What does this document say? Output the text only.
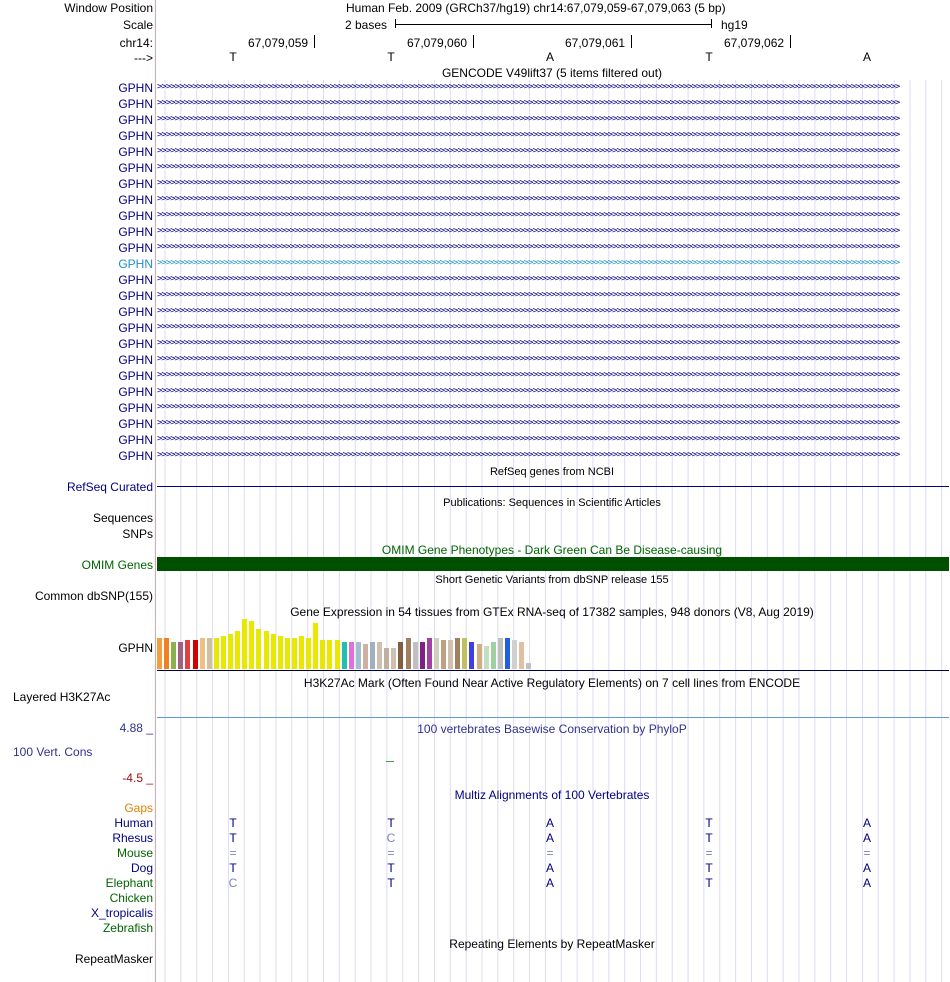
Window Position	Human Feb. 2009 (GRCh37/hg19) chr14:67,079,059-67,079,063 (5 bp)
Scale	2 bases	hg19
chr14:	67,079,059	67,079,060	67,079,061	67,079,062
--->	T	T	A	T	A
GENCODE V49lift37 (5 items filtered out)
GPHN >>>>>>>>>>>>>>>>>>>>>>>>>>>>>>>>>>>>>>>>>>>>>>>>>>>>>>>>>>>>>>>>>>>>>>>>>>>>>>>>>>>>>>>>>>>>>>>>>>>>>>>>>>>>>>>>>>>>>>>>>>>>>>>>>>>>>>>>>>>>>>>>>>>>>>>>>>>>>>>>>>>>>>>>
GPHN >>>>>>>>>>>>>>>>>>>>>>>>>>>>>>>>>>>>>>>>>>>>>>>>>>>>>>>>>>>>>>>>>>>>>>>>>>>>>>>>>>>>>>>>>>>>>>>>>>>>>>>>>>>>>>>>>>>>>>>>>>>>>>>>>>>>>>>>>>>>>>>>>>>>>>>>>>>>>>>>>>>>>>>>
GPHN >>>>>>>>>>>>>>>>>>>>>>>>>>>>>>>>>>>>>>>>>>>>>>>>>>>>>>>>>>>>>>>>>>>>>>>>>>>>>>>>>>>>>>>>>>>>>>>>>>>>>>>>>>>>>>>>>>>>>>>>>>>>>>>>>>>>>>>>>>>>>>>>>>>>>>>>>>>>>>>>>>>>>>>>
GPHN >>>>>>>>>>>>>>>>>>>>>>>>>>>>>>>>>>>>>>>>>>>>>>>>>>>>>>>>>>>>>>>>>>>>>>>>>>>>>>>>>>>>>>>>>>>>>>>>>>>>>>>>>>>>>>>>>>>>>>>>>>>>>>>>>>>>>>>>>>>>>>>>>>>>>>>>>>>>>>>>>>>>>>>>
GPHN >>>>>>>>>>>>>>>>>>>>>>>>>>>>>>>>>>>>>>>>>>>>>>>>>>>>>>>>>>>>>>>>>>>>>>>>>>>>>>>>>>>>>>>>>>>>>>>>>>>>>>>>>>>>>>>>>>>>>>>>>>>>>>>>>>>>>>>>>>>>>>>>>>>>>>>>>>>>>>>>>>>>>>>>
GPHN >>>>>>>>>>>>>>>>>>>>>>>>>>>>>>>>>>>>>>>>>>>>>>>>>>>>>>>>>>>>>>>>>>>>>>>>>>>>>>>>>>>>>>>>>>>>>>>>>>>>>>>>>>>>>>>>>>>>>>>>>>>>>>>>>>>>>>>>>>>>>>>>>>>>>>>>>>>>>>>>>>>>>>>>
GPHN >>>>>>>>>>>>>>>>>>>>>>>>>>>>>>>>>>>>>>>>>>>>>>>>>>>>>>>>>>>>>>>>>>>>>>>>>>>>>>>>>>>>>>>>>>>>>>>>>>>>>>>>>>>>>>>>>>>>>>>>>>>>>>>>>>>>>>>>>>>>>>>>>>>>>>>>>>>>>>>>>>>>>>>>
GPHN >>>>>>>>>>>>>>>>>>>>>>>>>>>>>>>>>>>>>>>>>>>>>>>>>>>>>>>>>>>>>>>>>>>>>>>>>>>>>>>>>>>>>>>>>>>>>>>>>>>>>>>>>>>>>>>>>>>>>>>>>>>>>>>>>>>>>>>>>>>>>>>>>>>>>>>>>>>>>>>>>>>>>>>>
GPHN >>>>>>>>>>>>>>>>>>>>>>>>>>>>>>>>>>>>>>>>>>>>>>>>>>>>>>>>>>>>>>>>>>>>>>>>>>>>>>>>>>>>>>>>>>>>>>>>>>>>>>>>>>>>>>>>>>>>>>>>>>>>>>>>>>>>>>>>>>>>>>>>>>>>>>>>>>>>>>>>>>>>>>>>
GPHN >>>>>>>>>>>>>>>>>>>>>>>>>>>>>>>>>>>>>>>>>>>>>>>>>>>>>>>>>>>>>>>>>>>>>>>>>>>>>>>>>>>>>>>>>>>>>>>>>>>>>>>>>>>>>>>>>>>>>>>>>>>>>>>>>>>>>>>>>>>>>>>>>>>>>>>>>>>>>>>>>>>>>>>>
GPHN >>>>>>>>>>>>>>>>>>>>>>>>>>>>>>>>>>>>>>>>>>>>>>>>>>>>>>>>>>>>>>>>>>>>>>>>>>>>>>>>>>>>>>>>>>>>>>>>>>>>>>>>>>>>>>>>>>>>>>>>>>>>>>>>>>>>>>>>>>>>>>>>>>>>>>>>>>>>>>>>>>>>>>>>
GPHN >>>>>>>>>>>>>>>>>>>>>>>>>>>>>>>>>>>>>>>>>>>>>>>>>>>>>>>>>>>>>>>>>>>>>>>>>>>>>>>>>>>>>>>>>>>>>>>>>>>>>>>>>>>>>>>>>>>>>>>>>>>>>>>>>>>>>>>>>>>>>>>>>>>>>>>>>>>>>>>>>>>>>>>>
GPHN >>>>>>>>>>>>>>>>>>>>>>>>>>>>>>>>>>>>>>>>>>>>>>>>>>>>>>>>>>>>>>>>>>>>>>>>>>>>>>>>>>>>>>>>>>>>>>>>>>>>>>>>>>>>>>>>>>>>>>>>>>>>>>>>>>>>>>>>>>>>>>>>>>>>>>>>>>>>>>>>>>>>>>>>
GPHN >>>>>>>>>>>>>>>>>>>>>>>>>>>>>>>>>>>>>>>>>>>>>>>>>>>>>>>>>>>>>>>>>>>>>>>>>>>>>>>>>>>>>>>>>>>>>>>>>>>>>>>>>>>>>>>>>>>>>>>>>>>>>>>>>>>>>>>>>>>>>>>>>>>>>>>>>>>>>>>>>>>>>>>>
GPHN >>>>>>>>>>>>>>>>>>>>>>>>>>>>>>>>>>>>>>>>>>>>>>>>>>>>>>>>>>>>>>>>>>>>>>>>>>>>>>>>>>>>>>>>>>>>>>>>>>>>>>>>>>>>>>>>>>>>>>>>>>>>>>>>>>>>>>>>>>>>>>>>>>>>>>>>>>>>>>>>>>>>>>>>
GPHN >>>>>>>>>>>>>>>>>>>>>>>>>>>>>>>>>>>>>>>>>>>>>>>>>>>>>>>>>>>>>>>>>>>>>>>>>>>>>>>>>>>>>>>>>>>>>>>>>>>>>>>>>>>>>>>>>>>>>>>>>>>>>>>>>>>>>>>>>>>>>>>>>>>>>>>>>>>>>>>>>>>>>>>>
GPHN >>>>>>>>>>>>>>>>>>>>>>>>>>>>>>>>>>>>>>>>>>>>>>>>>>>>>>>>>>>>>>>>>>>>>>>>>>>>>>>>>>>>>>>>>>>>>>>>>>>>>>>>>>>>>>>>>>>>>>>>>>>>>>>>>>>>>>>>>>>>>>>>>>>>>>>>>>>>>>>>>>>>>>>>
GPHN >>>>>>>>>>>>>>>>>>>>>>>>>>>>>>>>>>>>>>>>>>>>>>>>>>>>>>>>>>>>>>>>>>>>>>>>>>>>>>>>>>>>>>>>>>>>>>>>>>>>>>>>>>>>>>>>>>>>>>>>>>>>>>>>>>>>>>>>>>>>>>>>>>>>>>>>>>>>>>>>>>>>>>>>
GPHN >>>>>>>>>>>>>>>>>>>>>>>>>>>>>>>>>>>>>>>>>>>>>>>>>>>>>>>>>>>>>>>>>>>>>>>>>>>>>>>>>>>>>>>>>>>>>>>>>>>>>>>>>>>>>>>>>>>>>>>>>>>>>>>>>>>>>>>>>>>>>>>>>>>>>>>>>>>>>>>>>>>>>>>>
GPHN >>>>>>>>>>>>>>>>>>>>>>>>>>>>>>>>>>>>>>>>>>>>>>>>>>>>>>>>>>>>>>>>>>>>>>>>>>>>>>>>>>>>>>>>>>>>>>>>>>>>>>>>>>>>>>>>>>>>>>>>>>>>>>>>>>>>>>>>>>>>>>>>>>>>>>>>>>>>>>>>>>>>>>>>
GPHN >>>>>>>>>>>>>>>>>>>>>>>>>>>>>>>>>>>>>>>>>>>>>>>>>>>>>>>>>>>>>>>>>>>>>>>>>>>>>>>>>>>>>>>>>>>>>>>>>>>>>>>>>>>>>>>>>>>>>>>>>>>>>>>>>>>>>>>>>>>>>>>>>>>>>>>>>>>>>>>>>>>>>>>>
GPHN >>>>>>>>>>>>>>>>>>>>>>>>>>>>>>>>>>>>>>>>>>>>>>>>>>>>>>>>>>>>>>>>>>>>>>>>>>>>>>>>>>>>>>>>>>>>>>>>>>>>>>>>>>>>>>>>>>>>>>>>>>>>>>>>>>>>>>>>>>>>>>>>>>>>>>>>>>>>>>>>>>>>>>>>
GPHN >>>>>>>>>>>>>>>>>>>>>>>>>>>>>>>>>>>>>>>>>>>>>>>>>>>>>>>>>>>>>>>>>>>>>>>>>>>>>>>>>>>>>>>>>>>>>>>>>>>>>>>>>>>>>>>>>>>>>>>>>>>>>>>>>>>>>>>>>>>>>>>>>>>>>>>>>>>>>>>>>>>>>>>>
GPHN >>>>>>>>>>>>>>>>>>>>>>>>>>>>>>>>>>>>>>>>>>>>>>>>>>>>>>>>>>>>>>>>>>>>>>>>>>>>>>>>>>>>>>>>>>>>>>>>>>>>>>>>>>>>>>>>>>>>>>>>>>>>>>>>>>>>>>>>>>>>>>>>>>>>>>>>>>>>>>>>>>>>>>>>
RefSeq genes from NCBI
RefSeq Curated
Publications: Sequences in Scientific Articles
Sequences
SNPs
OMIM Gene Phenotypes - Dark Green Can Be Disease-causing
OMIM Genes
Short Genetic Variants from dbSNP release 155
Common dbSNP(155)
Gene Expression in 54 tissues from GTEx RNA-seq of 17382 samples, 948 donors (V8, Aug 2019)
GPHN
H3K27Ac Mark (Often Found Near Active Regulatory Elements) on 7 cell lines from ENCODE
Layered H3K27Ac
4.88 _	100 vertebrates Basewise Conservation by PhyloP
100 Vert. Cons
-4.5 _
Multiz Alignments of 100 Vertebrates
Gaps
Human	T	T	A	T	A
Rhesus	T	C	A	T	A
Mouse	=	=	=	=	=
Dog	T	T	A	T	A
Elephant	C	T	A	T	A
Chicken
X_tropicalis
Zebrafish
Repeating Elements by RepeatMasker
RepeatMasker
